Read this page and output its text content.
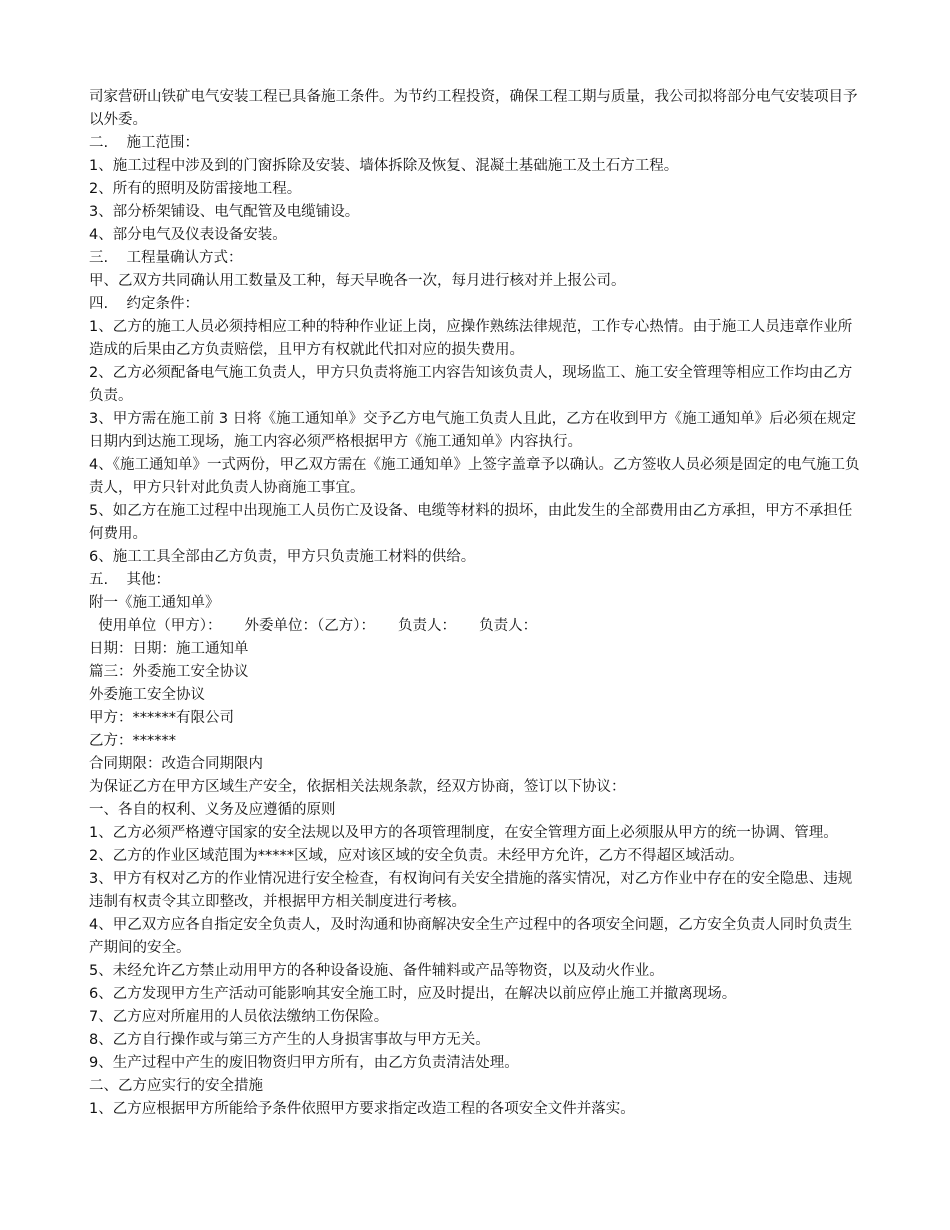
司家营研山铁矿电气安装工程已具备施工条件。为节约工程投资，确保工程工期与质量，我公司拟将部分电气安装项目予以外委。

二.    施工范围：

1、施工过程中涉及到的门窗拆除及安装、墙体拆除及恢复、混凝土基础施工及土石方工程。

2、所有的照明及防雷接地工程。

3、部分桥架铺设、电气配管及电缆铺设。

4、部分电气及仪表设备安装。

三.    工程量确认方式：

甲、乙双方共同确认用工数量及工种，每天早晚各一次，每月进行核对并上报公司。

四.    约定条件：

1、乙方的施工人员必须持相应工种的特种作业证上岗，应操作熟练法律规范，工作专心热情。由于施工人员违章作业所造成的后果由乙方负责赔偿，且甲方有权就此代扣对应的损失费用。

2、乙方必须配备电气施工负责人，甲方只负责将施工内容告知该负责人，现场监工、施工安全管理等相应工作均由乙方负责。

3、甲方需在施工前 3 日将《施工通知单》交予乙方电气施工负责人且此，乙方在收到甲方《施工通知单》后必须在规定日期内到达施工现场，施工内容必须严格根据甲方《施工通知单》内容执行。

4、《施工通知单》一式两份，甲乙双方需在《施工通知单》上签字盖章予以确认。乙方签收人员必须是固定的电气施工负责人，甲方只针对此负责人协商施工事宜。

5、如乙方在施工过程中出现施工人员伤亡及设备、电缆等材料的损坏，由此发生的全部费用由乙方承担，甲方不承担任何费用。

6、施工工具全部由乙方负责，甲方只负责施工材料的供给。

五.    其他：

附一《施工通知单》

使用单位（甲方）：     外委单位：（乙方）：     负责人：     负责人：

日期：日期：施工通知单

篇三：外委施工安全协议

外委施工安全协议

甲方：******有限公司

乙方：******

合同期限：改造合同期限内

为保证乙方在甲方区域生产安全，依据相关法规条款，经双方协商，签订以下协议：

一、各自的权利、义务及应遵循的原则

1、乙方必须严格遵守国家的安全法规以及甲方的各项管理制度，在安全管理方面上必须服从甲方的统一协调、管理。

2、乙方的作业区域范围为*****区域，应对该区域的安全负责。未经甲方允许，乙方不得超区域活动。

3、甲方有权对乙方的作业情况进行安全检查，有权询问有关安全措施的落实情况，对乙方作业中存在的安全隐患、违规违制有权责令其立即整改，并根据甲方相关制度进行考核。

4、甲乙双方应各自指定安全负责人，及时沟通和协商解决安全生产过程中的各项安全问题，乙方安全负责人同时负责生产期间的安全。

5、未经允许乙方禁止动用甲方的各种设备设施、备件辅料或产品等物资，以及动火作业。

6、乙方发现甲方生产活动可能影响其安全施工时，应及时提出，在解决以前应停止施工并撤离现场。

7、乙方应对所雇用的人员依法缴纳工伤保险。

8、乙方自行操作或与第三方产生的人身损害事故与甲方无关。

9、生产过程中产生的废旧物资归甲方所有，由乙方负责清洁处理。

二、乙方应实行的安全措施

1、乙方应根据甲方所能给予条件依照甲方要求指定改造工程的各项安全文件并落实。
